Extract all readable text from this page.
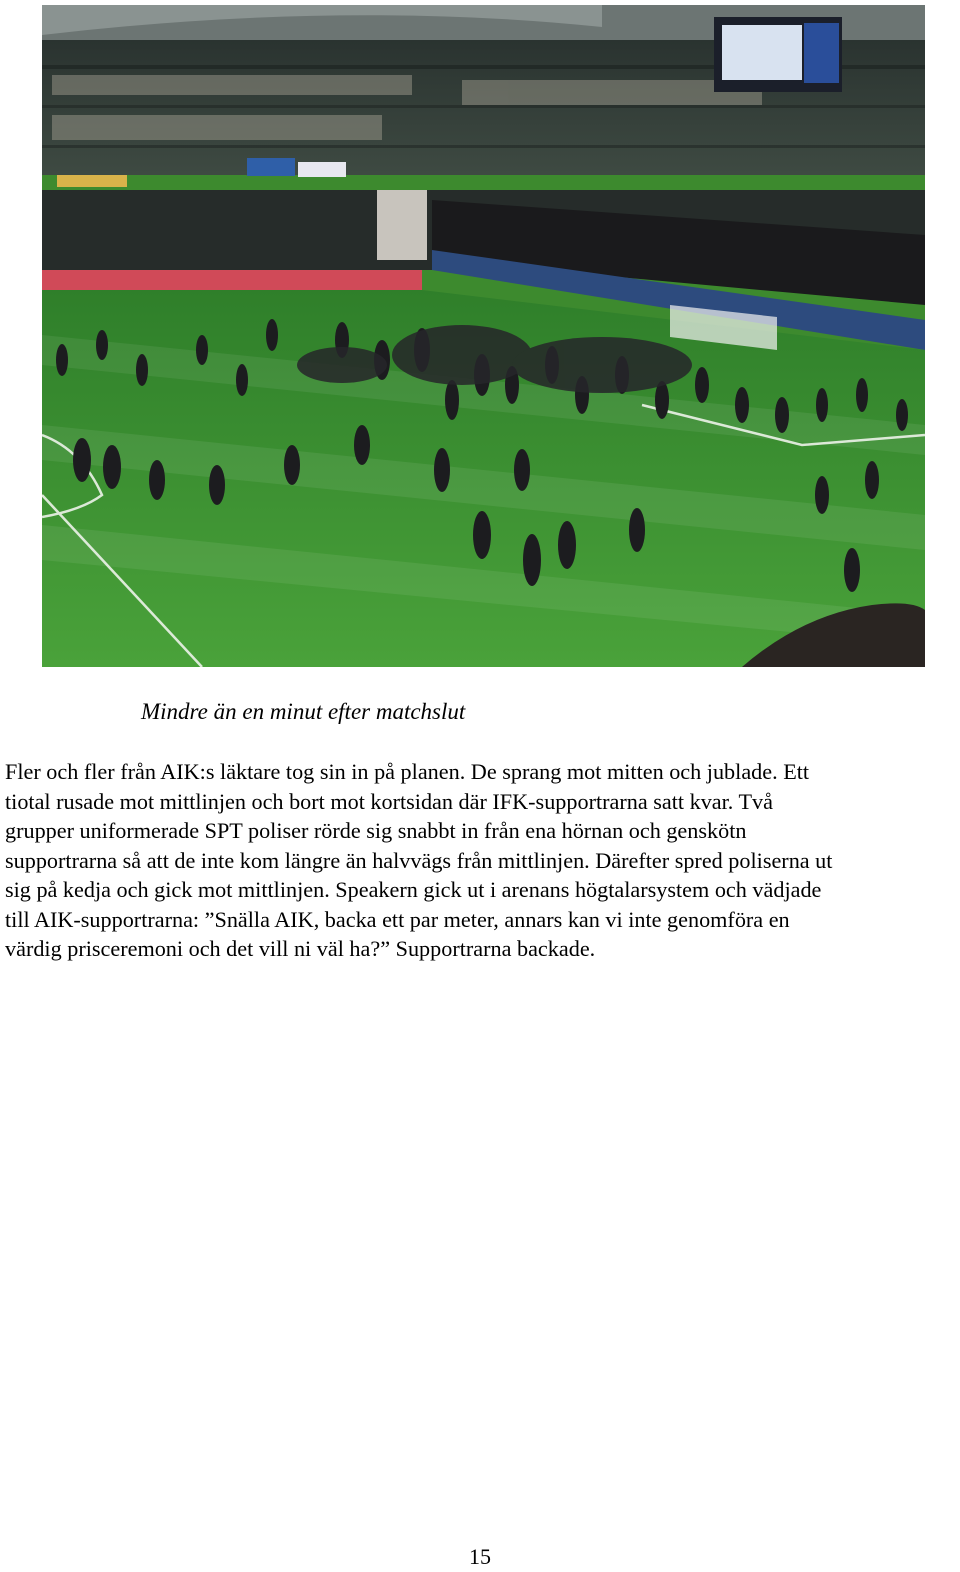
Mindre än en minut efter matchslut

Fler och fler från AIK:s läktare tog sin in på planen. De sprang mot mitten och jublade. Ett
tiotal rusade mot mittlinjen och bort mot kortsidan där IFK-supportrarna satt kvar. Två
grupper uniformerade SPT poliser rörde sig snabbt in från ena hörnan och genskötn
supportrarna så att de inte kom längre än halvvägs från mittlinjen. Därefter spred poliserna ut
sig på kedja och gick mot mittlinjen. Speakern gick ut i arenans högtalarsystem och vädjade
till AIK-supportrarna: ”Snälla AIK, backa ett par meter, annars kan vi inte genomföra en
värdig prisceremoni och det vill ni väl ha?” Supportrarna backade.

15
